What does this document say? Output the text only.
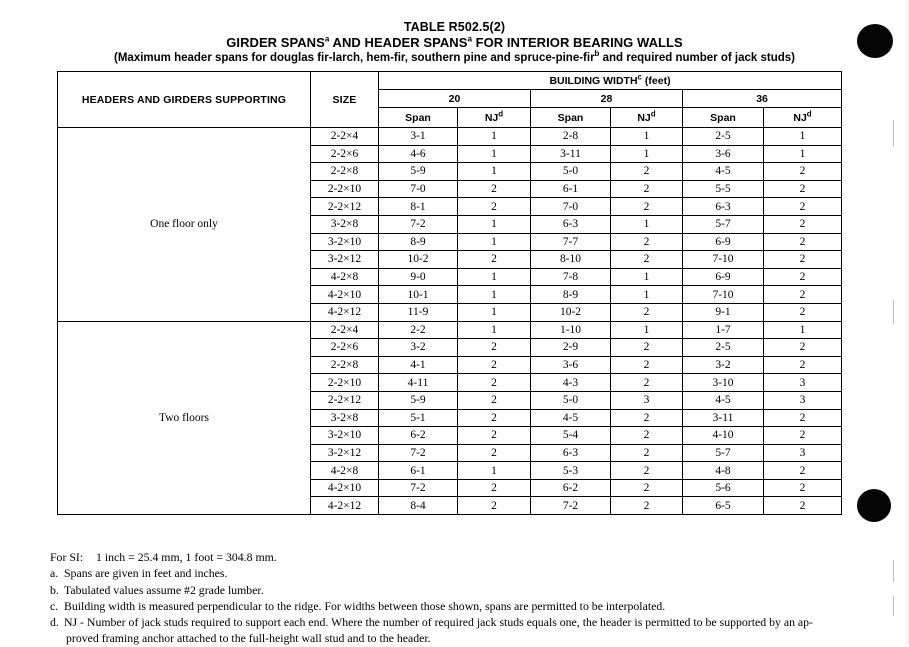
TABLE R502.5(2)
GIRDER SPANS$^a$ AND HEADER SPANS$^a$ FOR INTERIOR BEARING WALLS
(Maximum header spans for douglas fir-larch, hem-fir, southern pine and spruce-pine-fir$^b$ and required number of jack studs)
HEADERS AND GIRDERS SUPPORTING	SIZE	BUILDING WIDTH$^c$ (feet)					
		20		28		36	
		Span	NJ$^d$	Span	NJ$^d$	Span	NJ$^d$
One floor only	2-2×4	3-1	1	2-8	1	2-5	1
	2-2×6	4-6	1	3-11	1	3-6	1
	2-2×8	5-9	1	5-0	2	4-5	2
	2-2×10	7-0	2	6-1	2	5-5	2
	2-2×12	8-1	2	7-0	2	6-3	2
	3-2×8	7-2	1	6-3	1	5-7	2
	3-2×10	8-9	1	7-7	2	6-9	2
	3-2×12	10-2	2	8-10	2	7-10	2
	4-2×8	9-0	1	7-8	1	6-9	2
	4-2×10	10-1	1	8-9	1	7-10	2
	4-2×12	11-9	1	10-2	2	9-1	2
Two floors	2-2×4	2-2	1	1-10	1	1-7	1
	2-2×6	3-2	2	2-9	2	2-5	2
	2-2×8	4-1	2	3-6	2	3-2	2
	2-2×10	4-11	2	4-3	2	3-10	3
	2-2×12	5-9	2	5-0	3	4-5	3
	3-2×8	5-1	2	4-5	2	3-11	2
	3-2×10	6-2	2	5-4	2	4-10	2
	3-2×12	7-2	2	6-3	2	5-7	3
	4-2×8	6-1	1	5-3	2	4-8	2
	4-2×10	7-2	2	6-2	2	5-6	2
	4-2×12	8-4	2	7-2	2	6-5	2
For SI: 1 inch = 25.4 mm, 1 foot = 304.8 mm.
a. Spans are given in feet and inches.
b. Tabulated values assume #2 grade lumber.
c. Building width is measured perpendicular to the ridge. For widths between those shown, spans are permitted to be interpolated.
d. NJ - Number of jack studs required to support each end. Where the number of required jack studs equals one, the header is permitted to be supported by an ap-
proved framing anchor attached to the full-height wall stud and to the header.
